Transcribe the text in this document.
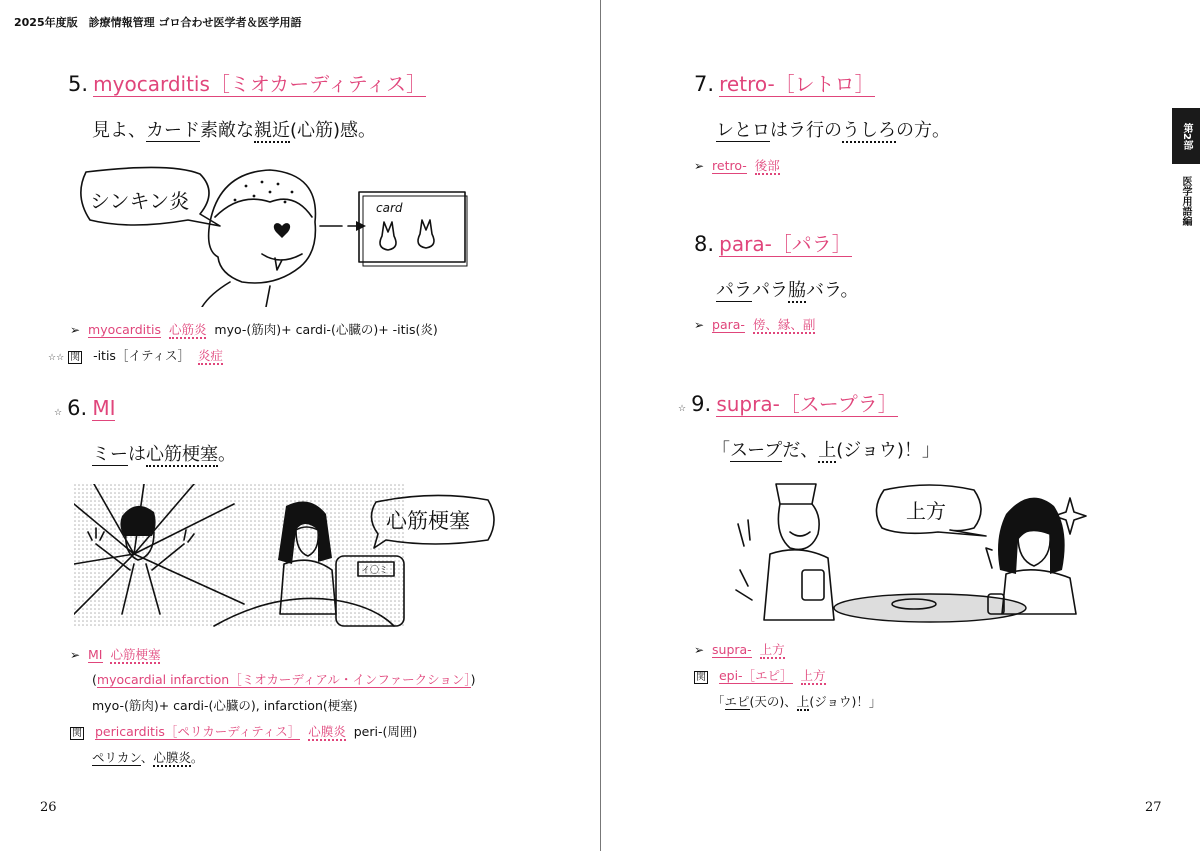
2025年度版　診療情報管理 ゴロ合わせ医学者＆医学用語
5. myocarditis［ミオカーディティス］
見よ、カード素敵な親近(心筋)感。
シンキン炎	card
➢ myocarditis 心筋炎 myo-(筋肉)+ cardi-(心臓の)+ -itis(炎)
☆☆ 関 -itis［イティス］ 炎症
☆ 6. MI
ミーは心筋梗塞。
イ〇ミ
心筋梗塞
➢ MI 心筋梗塞
(myocardial infarction［ミオカーディアル・インファークション］)
myo-(筋肉)+ cardi-(心臓の), infarction(梗塞)
関 pericarditis［ペリカーディティス］ 心膜炎 peri-(周囲)
ペリカン、心膜炎。
26
7. retro-［レトロ］
レとロはラ行のうしろの方。
➢ retro- 後部
8. para-［パラ］
パラパラ脇バラ。
➢ para- 傍、縁、副
☆ 9. supra-［スープラ］
「スープだ、上(ジョウ)！」
上方
➢ supra- 上方
関 epi-［エピ］ 上方
「エピ(天の)、上(ジョウ)！」
27
第2部
医学用語編
